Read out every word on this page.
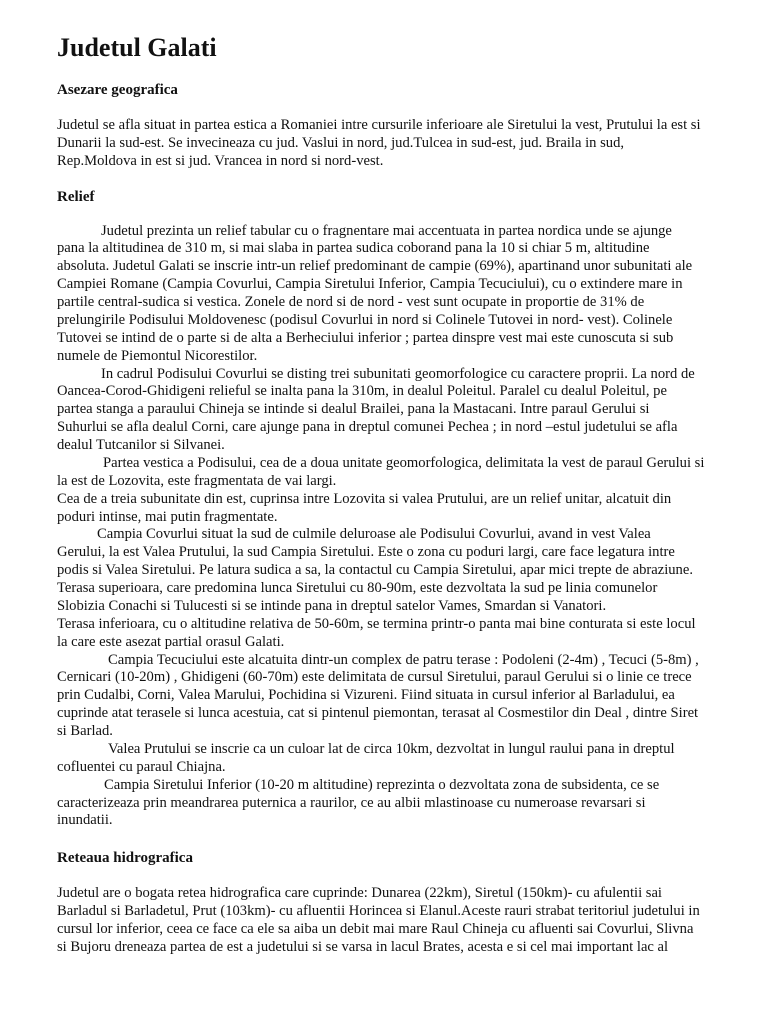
Judetul Galati
Asezare geografica
Judetul se afla situat in partea estica a Romaniei intre cursurile inferioare ale Siretului la vest, Prutului la est si
Dunarii la sud-est. Se invecineaza cu jud. Vaslui in nord, jud.Tulcea in sud-est, jud. Braila in sud,
Rep.Moldova in est si jud. Vrancea in nord si nord-vest.
Relief
Judetul prezinta un relief tabular cu o fragnentare mai accentuata in partea nordica unde se ajunge
pana la altitudinea de 310 m, si mai slaba in partea sudica coborand pana la 10 si chiar 5 m, altitudine
absoluta. Judetul Galati se inscrie intr-un relief predominant de campie (69%), apartinand unor subunitati ale
Campiei Romane (Campia Covurlui, Campia Siretului Inferior, Campia Tecuciului), cu o extindere mare in
partile central-sudica si vestica. Zonele de nord si de nord - vest sunt ocupate in proportie de 31% de
prelungirile Podisului Moldovenesc (podisul Covurlui in nord si Colinele Tutovei in nord- vest). Colinele
Tutovei se intind de o parte si de alta a Berheciului inferior ; partea dinspre vest mai este cunoscuta si sub
numele de Piemontul Nicorestilor.
In cadrul Podisului Covurlui se disting trei subunitati geomorfologice cu caractere proprii. La nord de
Oancea-Corod-Ghidigeni relieful se inalta pana la 310m, in dealul Poleitul. Paralel cu dealul Poleitul, pe
partea stanga a paraului Chineja se intinde si dealul Brailei, pana la Mastacani. Intre paraul Gerului si
Suhurlui se afla dealul Corni, care ajunge pana in dreptul comunei Pechea ; in nord –estul judetului se afla
dealul Tutcanilor si Silvanei.
Partea vestica a Podisului, cea de a doua unitate geomorfologica, delimitata la vest de paraul Gerului si
la est de Lozovita, este fragmentata de vai largi.
Cea de a treia subunitate din est, cuprinsa intre Lozovita si valea Prutului, are un relief unitar, alcatuit din
poduri intinse, mai putin fragmentate.
Campia Covurlui situat la sud de culmile deluroase ale Podisului Covurlui, avand in vest Valea
Gerului, la est Valea Prutului, la sud Campia Siretului. Este o zona cu poduri largi, care face legatura intre
podis si Valea Siretului. Pe latura sudica a sa, la contactul cu Campia Siretului, apar mici trepte de abraziune.
Terasa superioara, care predomina lunca Siretului cu 80-90m, este dezvoltata la sud pe linia comunelor
Slobizia Conachi si Tulucesti si se intinde pana in dreptul satelor Vames, Smardan si Vanatori.
Terasa inferioara, cu o altitudine relativa de 50-60m, se termina printr-o panta mai bine conturata si este locul
la care este asezat partial orasul Galati.
Campia Tecuciului este alcatuita dintr-un complex de patru terase : Podoleni (2-4m) , Tecuci (5-8m) ,
Cernicari (10-20m) , Ghidigeni (60-70m) este delimitata de cursul Siretului, paraul Gerului si o linie ce trece
prin Cudalbi, Corni, Valea Marului, Pochidina si Vizureni. Fiind situata in cursul inferior al Barladului, ea
cuprinde atat terasele si lunca acestuia, cat si pintenul piemontan, terasat al Cosmestilor din Deal , dintre Siret
si Barlad.
Valea Prutului se inscrie ca un culoar lat de circa 10km, dezvoltat in lungul raului pana in dreptul
cofluentei cu paraul Chiajna.
Campia Siretului Inferior (10-20 m altitudine) reprezinta o dezvoltata zona de subsidenta, ce se
caracterizeaza prin meandrarea puternica a raurilor, ce au albii mlastinoase cu numeroase revarsari si
inundatii.
Reteaua hidrografica
Judetul are o bogata retea hidrografica care cuprinde: Dunarea (22km), Siretul (150km)- cu afulentii sai
Barladul si Barladetul, Prut (103km)- cu afluentii Horincea si Elanul.Aceste rauri strabat teritoriul judetului in
cursul lor inferior, ceea ce face ca ele sa aiba un debit mai mare Raul Chineja cu afluenti sai Covurlui, Slivna
si Bujoru dreneaza partea de est a judetului si se varsa in lacul Brates, acesta e si cel mai important lac al
